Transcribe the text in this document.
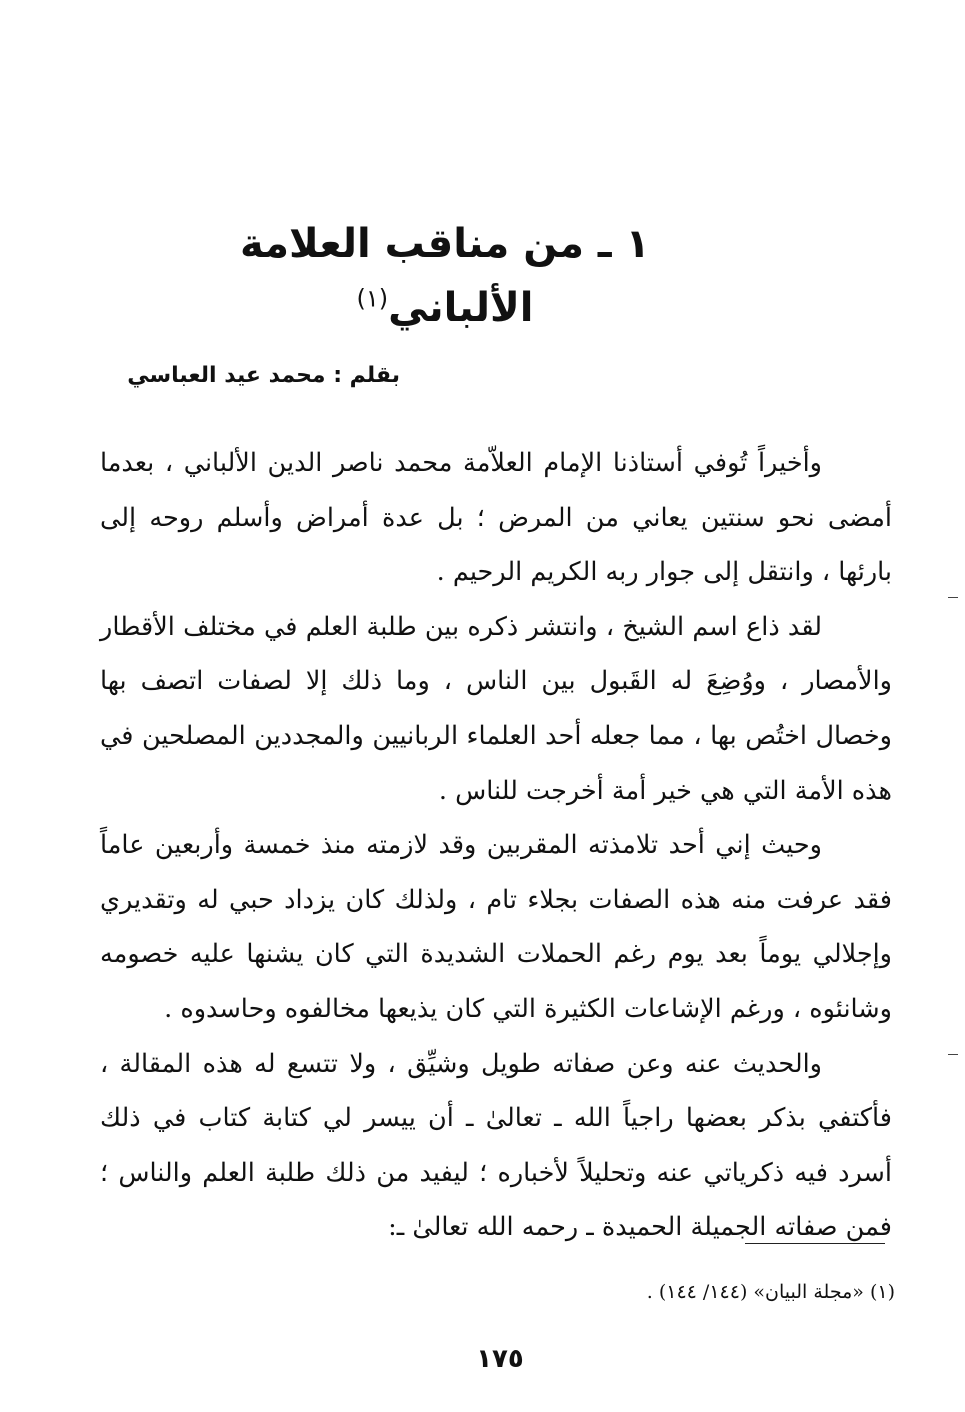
١ ـ من مناقب العلامة الألباني$^{(١)}$
بقلم : محمد عيد العباسي

وأخيراً تُوفي أستاذنا الإمام العلاّمة محمد ناصر الدين الألباني ، بعدما أمضى نحو سنتين يعاني من المرض ؛ بل عدة أمراض وأسلم روحه إلى بارئها ، وانتقل إلى جوار ربه الكريم الرحيم .

لقد ذاع اسم الشيخ ، وانتشر ذكره بين طلبة العلم في مختلف الأقطار والأمصار ، ووُضِعَ له القَبول بين الناس ، وما ذلك إلا لصفات اتصف بها وخصال اختُص بها ، مما جعله أحد العلماء الربانيين والمجددين المصلحين في هذه الأمة التي هي خير أمة أخرجت للناس .

وحيث إني أحد تلامذته المقربين وقد لازمته منذ خمسة وأربعين عاماً فقد عرفت منه هذه الصفات بجلاء تام ، ولذلك كان يزداد حبي له وتقديري وإجلالي يوماً بعد يوم رغم الحملات الشديدة التي كان يشنها عليه خصومه وشانئوه ، ورغم الإشاعات الكثيرة التي كان يذيعها مخالفوه وحاسدوه .

والحديث عنه وعن صفاته طويل وشيِّق ، ولا تتسع له هذه المقالة ، فأكتفي بذكر بعضها راجياً الله ـ تعالىٰ ـ أن ييسر لي كتابة كتاب في ذلك أسرد فيه ذكرياتي عنه وتحليلاً لأخباره ؛ ليفيد من ذلك طلبة العلم والناس ؛ فمن صفاته الجميلة الحميدة ـ رحمه الله تعالىٰ ـ:

(١) «مجلة البيان» (١٤٤/ ١٤٤) .
١٧٥
